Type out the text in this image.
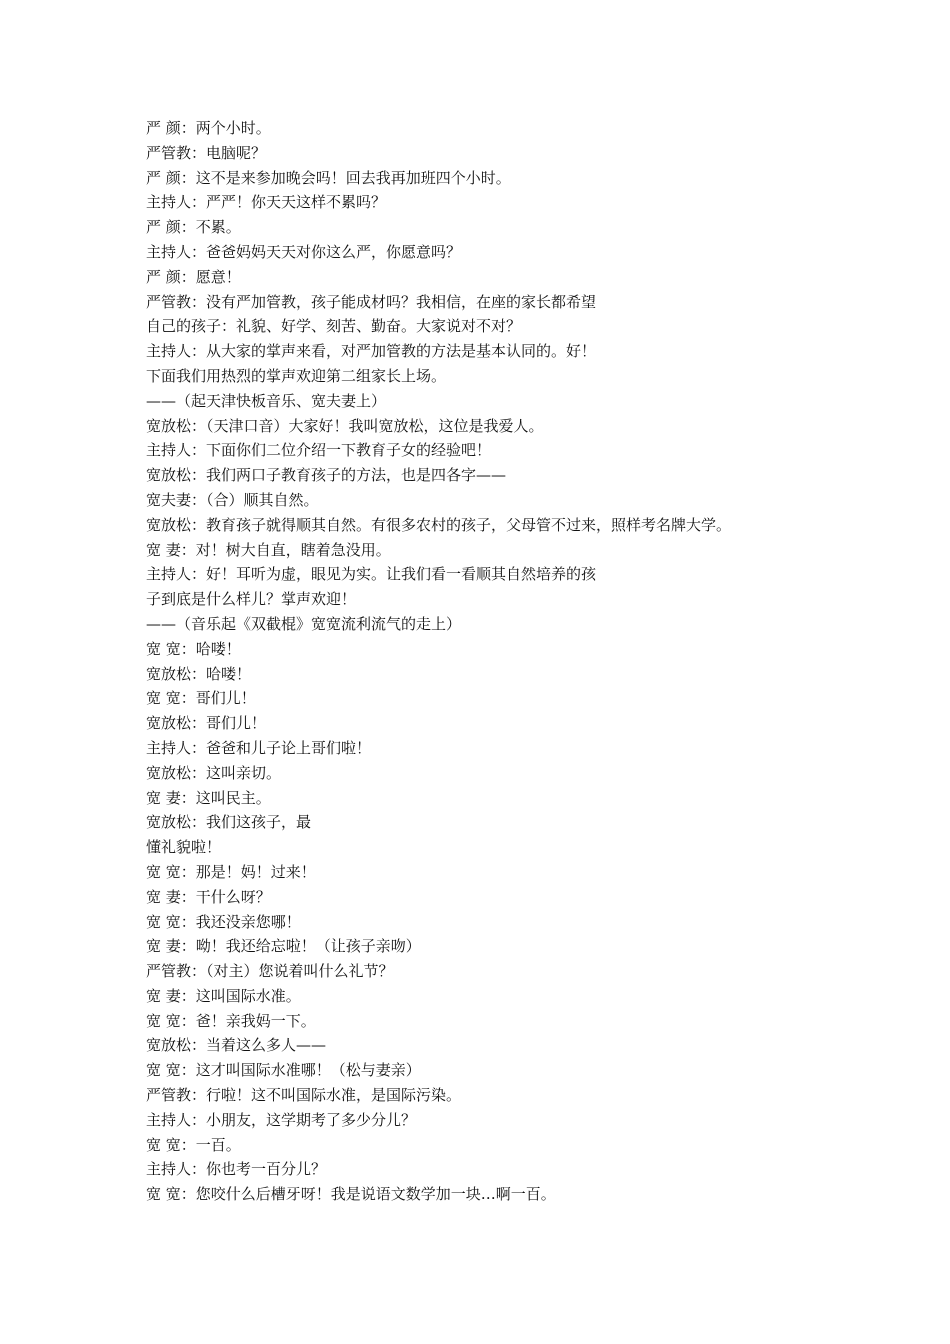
严 颜：两个小时。
严管教：电脑呢？
严 颜：这不是来参加晚会吗！回去我再加班四个小时。
主持人：严严！你天天这样不累吗？
严 颜：不累。
主持人：爸爸妈妈天天对你这么严，你愿意吗？
严 颜：愿意！
严管教：没有严加管教，孩子能成材吗？我相信，在座的家长都希望
自己的孩子：礼貌、好学、刻苦、勤奋。大家说对不对？
主持人：从大家的掌声来看，对严加管教的方法是基本认同的。好！
下面我们用热烈的掌声欢迎第二组家长上场。
——（起天津快板音乐、宽夫妻上）
宽放松：（天津口音）大家好！我叫宽放松，这位是我爱人。
主持人：下面你们二位介绍一下教育子女的经验吧！
宽放松：我们两口子教育孩子的方法，也是四各字——
宽夫妻：（合）顺其自然。
宽放松：教育孩子就得顺其自然。有很多农村的孩子，父母管不过来，照样考名牌大学。
宽 妻：对！树大自直，瞎着急没用。
主持人：好！耳听为虚，眼见为实。让我们看一看顺其自然培养的孩
子到底是什么样儿？掌声欢迎！
——（音乐起《双截棍》宽宽流利流气的走上）
宽 宽：哈喽！
宽放松：哈喽！
宽 宽：哥们儿！
宽放松：哥们儿！
主持人：爸爸和儿子论上哥们啦！
宽放松：这叫亲切。
宽 妻：这叫民主。
宽放松：我们这孩子，最
懂礼貌啦！
宽 宽：那是！妈！过来！
宽 妻：干什么呀？
宽 宽：我还没亲您哪！
宽 妻：呦！我还给忘啦！（让孩子亲吻）
严管教：（对主）您说着叫什么礼节？
宽 妻：这叫国际水准。
宽 宽：爸！亲我妈一下。
宽放松：当着这么多人——
宽 宽：这才叫国际水准哪！（松与妻亲）
严管教：行啦！这不叫国际水准，是国际污染。
主持人：小朋友，这学期考了多少分儿？
宽 宽：一百。
主持人：你也考一百分儿？
宽 宽：您咬什么后槽牙呀！我是说语文数学加一块…啊一百。
